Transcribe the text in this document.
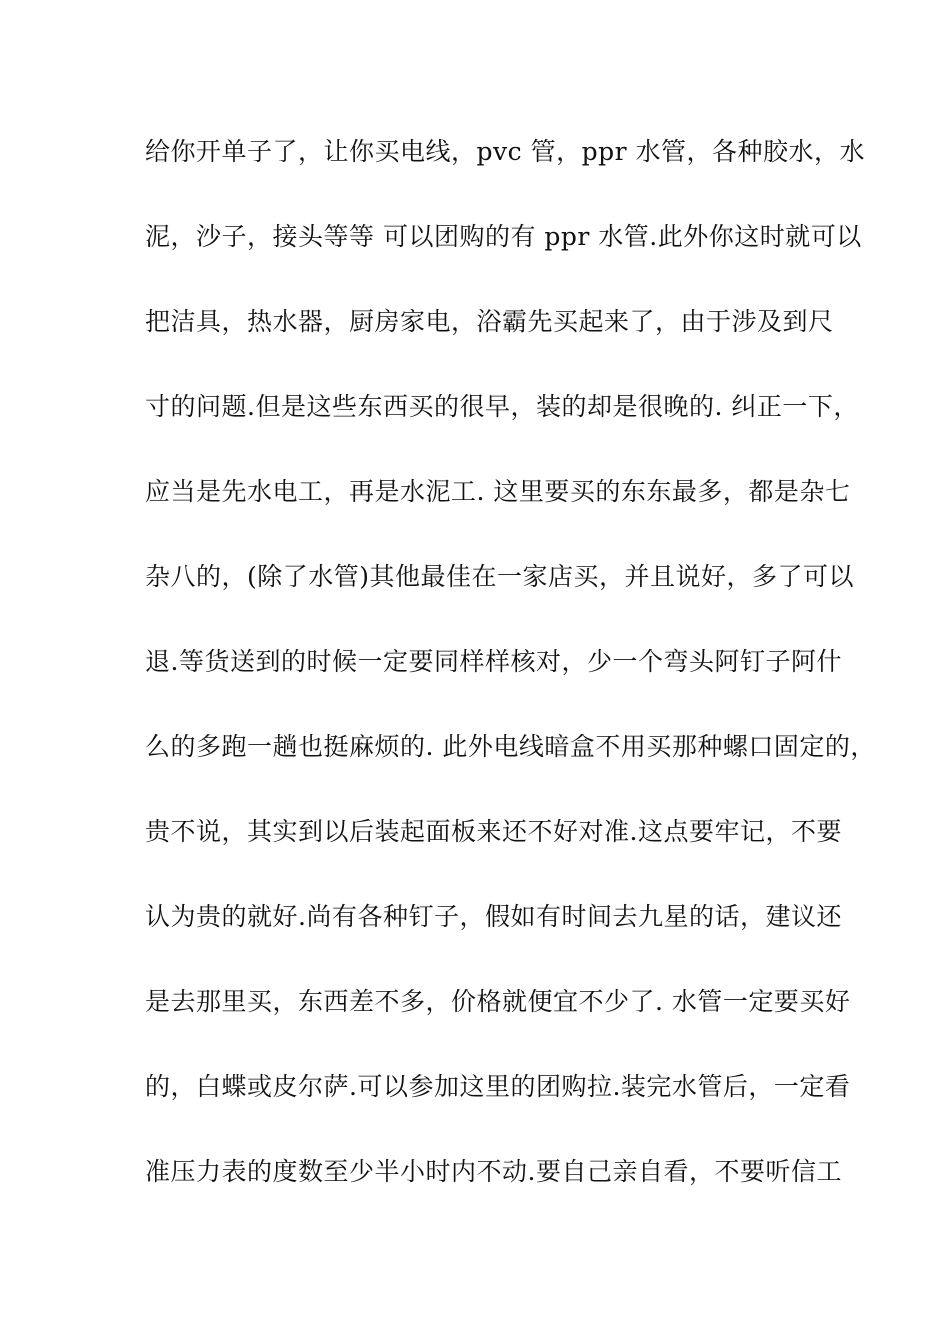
给你开单子了，让你买电线，pvc 管，ppr 水管，各种胶水，水
泥，沙子，接头等等 可以团购的有 ppr 水管.此外你这时就可以
把洁具，热水器，厨房家电，浴霸先买起来了，由于涉及到尺
寸的问题.但是这些东西买的很早，装的却是很晚的. 纠正一下，
应当是先水电工，再是水泥工. 这里要买的东东最多，都是杂七
杂八的，(除了水管)其他最佳在一家店买，并且说好，多了可以
退.等货送到的时候一定要同样样核对，少一个弯头阿钉子阿什
么的多跑一趟也挺麻烦的. 此外电线暗盒不用买那种螺口固定的，
贵不说，其实到以后装起面板来还不好对准.这点要牢记，不要
认为贵的就好.尚有各种钉子，假如有时间去九星的话，建议还
是去那里买，东西差不多，价格就便宜不少了. 水管一定要买好
的，白蝶或皮尔萨.可以参加这里的团购拉.装完水管后，一定看
准压力表的度数至少半小时内不动.要自己亲自看，不要听信工
